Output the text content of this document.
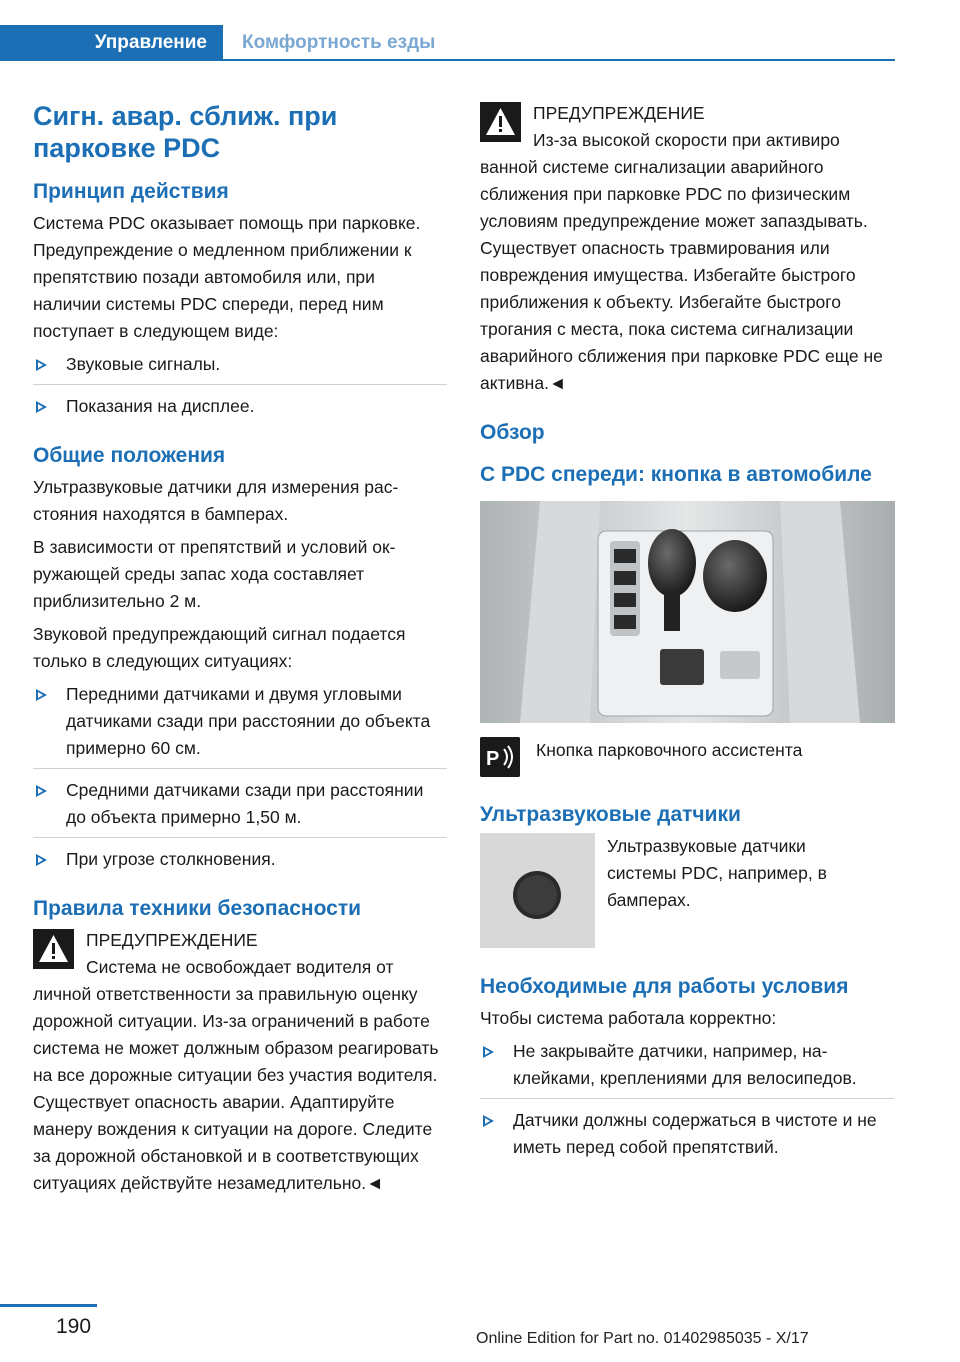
Управление	Комфортность езды
Сигн. авар. сближ. при парковке PDC
Принцип действия
Система PDC оказывает помощь при парковке. Предупреждение о медленном приближении к препятствию позади автомобиля или, при наличии системы PDC спереди, перед ним поступает в следующем виде:
Звуковые сигналы.
Показания на дисплее.
Общие положения
Ультразвуковые датчики для измерения расстояния находятся в бамперах.
В зависимости от препятствий и условий окружающей среды запас хода составляет приблизительно 2 м.
Звуковой предупреждающий сигнал подается только в следующих ситуациях:
Передними датчиками и двумя угловыми датчиками сзади при расстоянии до объекта примерно 60 см.
Средними датчиками сзади при расстоянии до объекта примерно 1,50 м.
При угрозе столкновения.
Правила техники безопасности
ПРЕДУПРЕЖДЕНИЕ
Система не освобождает водителя от
личной ответственности за правильную оценку дорожной ситуации. Из-за ограничений в работе система не может должным образом реагировать на все дорожные ситуации без участия водителя. Существует опасность аварии. Адаптируйте манеру вождения к ситуации на дороге. Следите за дорожной обстановкой и в соответствующих ситуациях действуйте незамедлительно.◄
ПРЕДУПРЕЖДЕНИЕ
Из-за высокой скорости при активиро
ванной системе сигнализации аварийного сближения при парковке PDC по физическим условиям предупреждение может запаздывать. Существует опасность травмирования или повреждения имущества. Избегайте быстрого приближения к объекту. Избегайте быстрого трогания с места, пока система сигнализации аварийного сближения при парковке PDC еще не активна.◄
Обзор
С PDC спереди: кнопка в автомобиле
P Кнопка парковочного ассистента
Ультразвуковые датчики
Ультразвуковые датчики системы PDC, например, в бамперах.
Необходимые для работы условия
Чтобы система работала корректно:
Не закрывайте датчики, например, наклейками, креплениями для велосипедов.
Датчики должны содержаться в чистоте и не иметь перед собой препятствий.
190
Online Edition for Part no. 01402985035 - X/17
